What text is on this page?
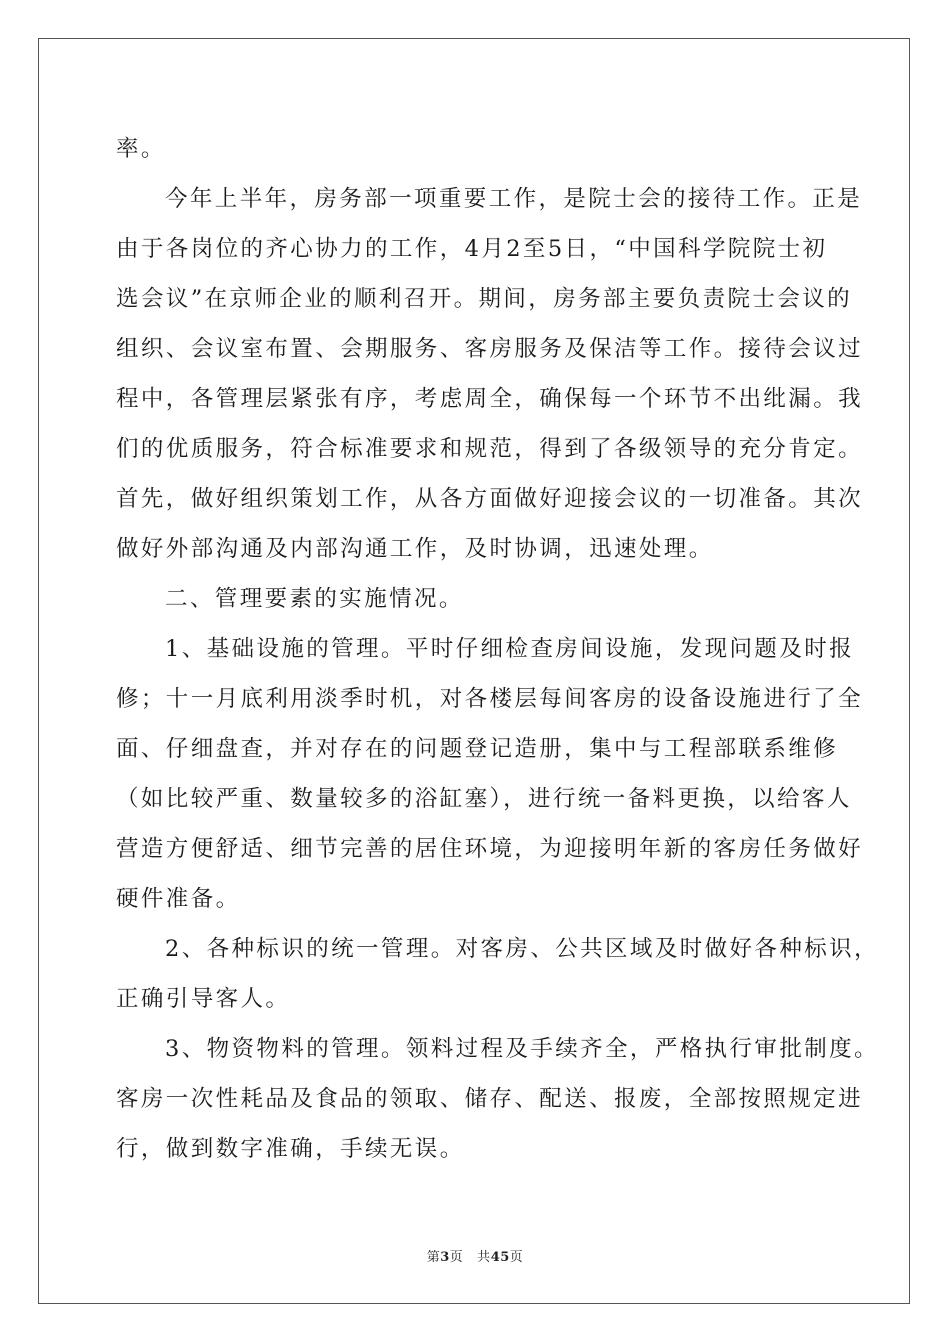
率。
今年上半年，房务部一项重要工作，是院士会的接待工作。正是
由于各岗位的齐心协力的工作，4月2至5日，“中国科学院院士初
选会议”在京师企业的顺利召开。期间，房务部主要负责院士会议的
组织、会议室布置、会期服务、客房服务及保洁等工作。接待会议过
程中，各管理层紧张有序，考虑周全，确保每一个环节不出纰漏。我
们的优质服务，符合标准要求和规范，得到了各级领导的充分肯定。
首先，做好组织策划工作，从各方面做好迎接会议的一切准备。其次
做好外部沟通及内部沟通工作，及时协调，迅速处理。
二、管理要素的实施情况。
1、基础设施的管理。平时仔细检查房间设施，发现问题及时报
修；十一月底利用淡季时机，对各楼层每间客房的设备设施进行了全
面、仔细盘查，并对存在的问题登记造册，集中与工程部联系维修
（如比较严重、数量较多的浴缸塞），进行统一备料更换，以给客人
营造方便舒适、细节完善的居住环境，为迎接明年新的客房任务做好
硬件准备。
2、各种标识的统一管理。对客房、公共区域及时做好各种标识，
正确引导客人。
3、物资物料的管理。领料过程及手续齐全，严格执行审批制度。
客房一次性耗品及食品的领取、储存、配送、报废，全部按照规定进
行，做到数字准确，手续无误。
第3页 共45页
